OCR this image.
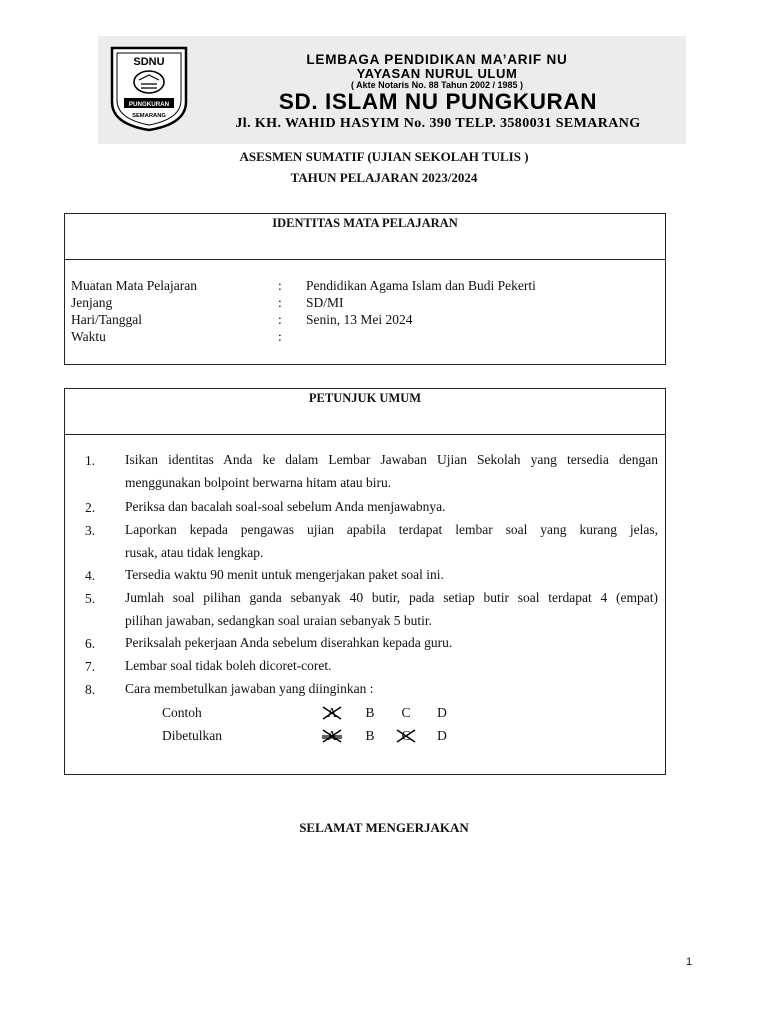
SDNU
PUNGKURAN
SEMARANG
LEMBAGA PENDIDIKAN MA’ARIF NU
YAYASAN NURUL ULUM
( Akte Notaris No. 88 Tahun 2002 / 1985 )
SD. ISLAM NU PUNGKURAN
Jl. KH. WAHID HASYIM No. 390 TELP. 3580031 SEMARANG
ASESMEN SUMATIF (UJIAN SEKOLAH TULIS )
TAHUN PELAJARAN 2023/2024
IDENTITAS MATA PELAJARAN
Muatan Mata Pelajaran	: Pendidikan Agama Islam dan Budi Pekerti
Jenjang	: SD/MI
Hari/Tanggal	: Senin, 13 Mei 2024
Waktu	:
PETUNJUK UMUM
1. Isikan identitas Anda ke dalam Lembar Jawaban Ujian Sekolah yang tersedia dengan
menggunakan bolpoint berwarna hitam atau biru.
2. Periksa dan bacalah soal-soal sebelum Anda menjawabnya.
3. Laporkan kepada pengawas ujian apabila terdapat lembar soal yang kurang jelas,
rusak, atau tidak lengkap.
4. Tersedia waktu 90 menit untuk mengerjakan paket soal ini.
5. Jumlah soal pilihan ganda sebanyak 40 butir, pada setiap butir soal terdapat 4 (empat)
pilihan jawaban, sedangkan soal uraian sebanyak 5 butir.
6. Periksalah pekerjaan Anda sebelum diserahkan kepada guru.
7. Lembar soal tidak boleh dicoret-coret.
8. Cara membetulkan jawaban yang diinginkan :
Contoh	A	B	C	D
Dibetulkan	A	B	C	D
SELAMAT MENGERJAKAN
1
